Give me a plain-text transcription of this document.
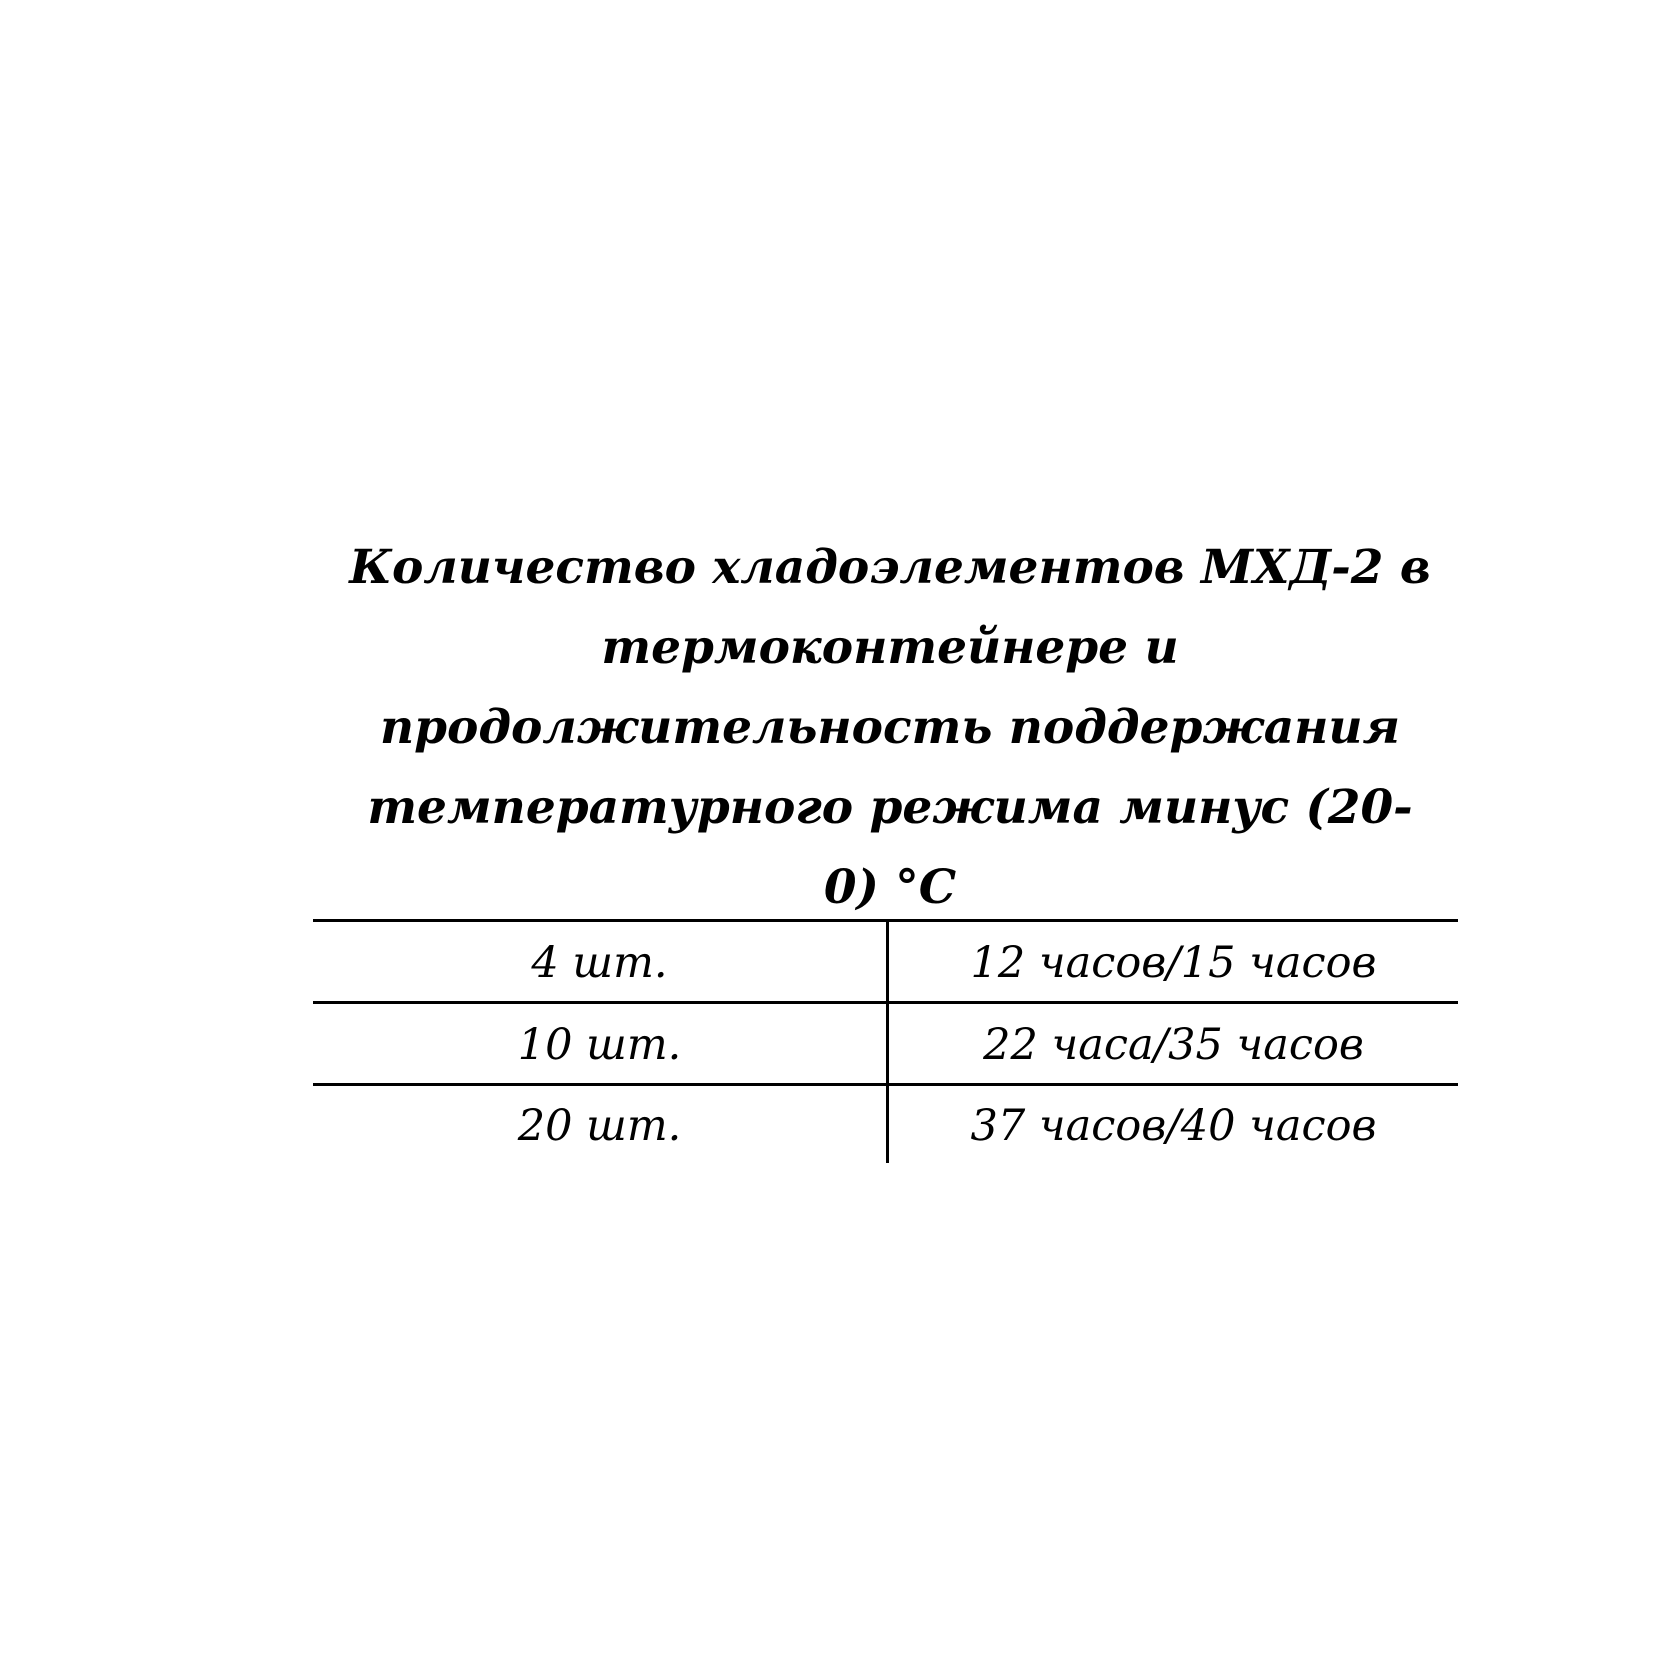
Количество хладоэлементов МХД-2 в
термоконтейнере и
продолжительность поддержания
температурного режима минус (20-
0) °С
4 шт.	12 часов/15 часов
10 шт.	22 часа/35 часов
20 шт.	37 часов/40 часов
